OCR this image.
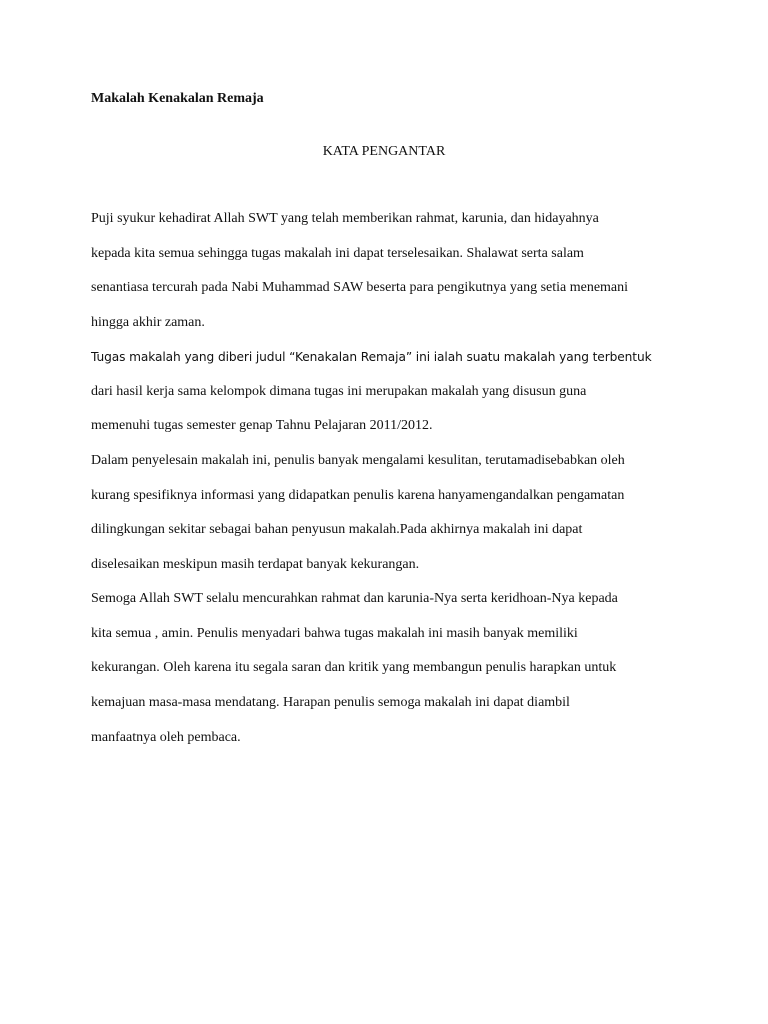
Makalah Kenakalan Remaja
KATA PENGANTAR

Puji syukur kehadirat Allah SWT yang telah memberikan rahmat, karunia, dan hidayahnya

kepada kita semua sehingga tugas makalah ini dapat terselesaikan. Shalawat serta salam

senantiasa tercurah pada Nabi Muhammad SAW beserta para pengikutnya yang setia menemani

hingga akhir zaman.

Tugas makalah yang diberi judul “Kenakalan Remaja” ini ialah suatu makalah yang terbentuk

dari hasil kerja sama kelompok dimana tugas ini merupakan makalah yang disusun guna

memenuhi tugas semester genap Tahnu Pelajaran 2011/2012.

Dalam penyelesain makalah ini, penulis banyak mengalami kesulitan, terutamadisebabkan oleh

kurang spesifiknya informasi yang didapatkan penulis karena hanyamengandalkan pengamatan

dilingkungan sekitar sebagai bahan penyusun makalah.Pada akhirnya makalah ini dapat

diselesaikan meskipun masih terdapat banyak kekurangan.

Semoga Allah SWT selalu mencurahkan rahmat dan karunia-Nya serta keridhoan-Nya kepada

kita semua , amin. Penulis menyadari bahwa tugas makalah ini masih banyak memiliki

kekurangan. Oleh karena itu segala saran dan kritik yang membangun penulis harapkan untuk

kemajuan masa-masa mendatang. Harapan penulis semoga makalah ini dapat diambil

manfaatnya oleh pembaca.
